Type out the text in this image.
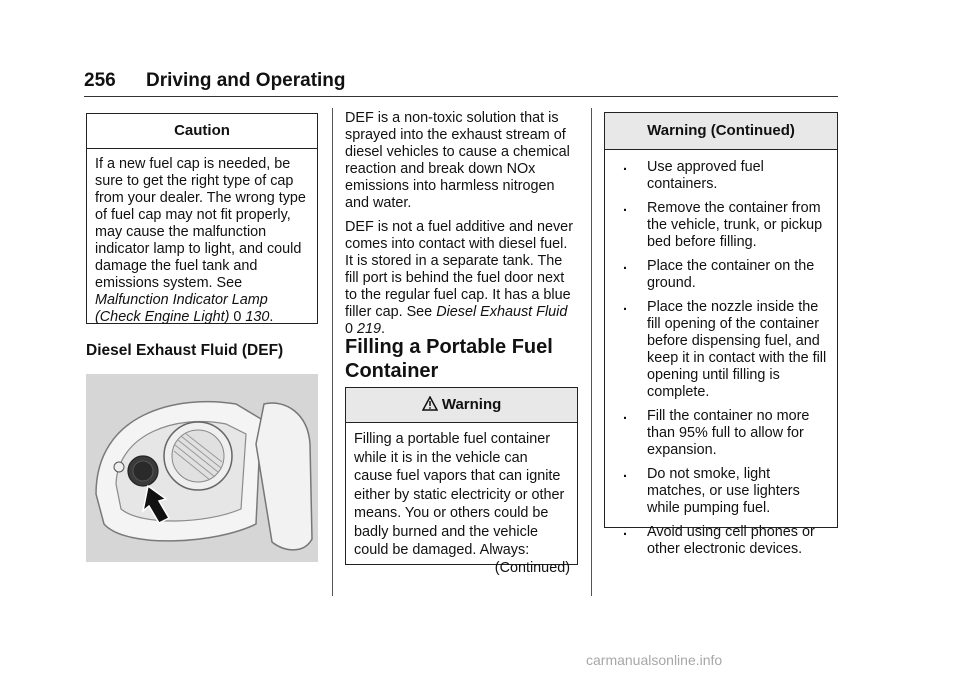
256 Driving and Operating
Caution
If a new fuel cap is needed, be sure to get the right type of cap from your dealer. The wrong type of fuel cap may not fit properly, may cause the malfunction indicator lamp to light, and could damage the fuel tank and emissions system. See
Malfunction Indicator Lamp (Check Engine Light) 0 130.
Diesel Exhaust Fluid (DEF)

DEF is a non-toxic solution that is sprayed into the exhaust stream of diesel vehicles to cause a chemical reaction and break down NOx emissions into harmless nitrogen and water.

DEF is not a fuel additive and never comes into contact with diesel fuel. It is stored in a separate tank. The fill port is behind the fuel door next to the regular fuel cap. It has a blue filler cap. See Diesel Exhaust Fluid
0 219.

Filling a Portable Fuel Container
Warning
Filling a portable fuel container while it is in the vehicle can cause fuel vapors that can ignite either by static electricity or other means. You or others could be badly burned and the vehicle could be damaged. Always:
(Continued)
Warning (Continued)
. Use approved fuel containers.
. Remove the container from the vehicle, trunk, or pickup bed before filling.
. Place the container on the ground.
. Place the nozzle inside the fill opening of the container before dispensing fuel, and keep it in contact with the fill opening until filling is complete.
. Fill the container no more than 95% full to allow for expansion.
. Do not smoke, light matches, or use lighters while pumping fuel.
. Avoid using cell phones or other electronic devices.
carmanualsonline.info
